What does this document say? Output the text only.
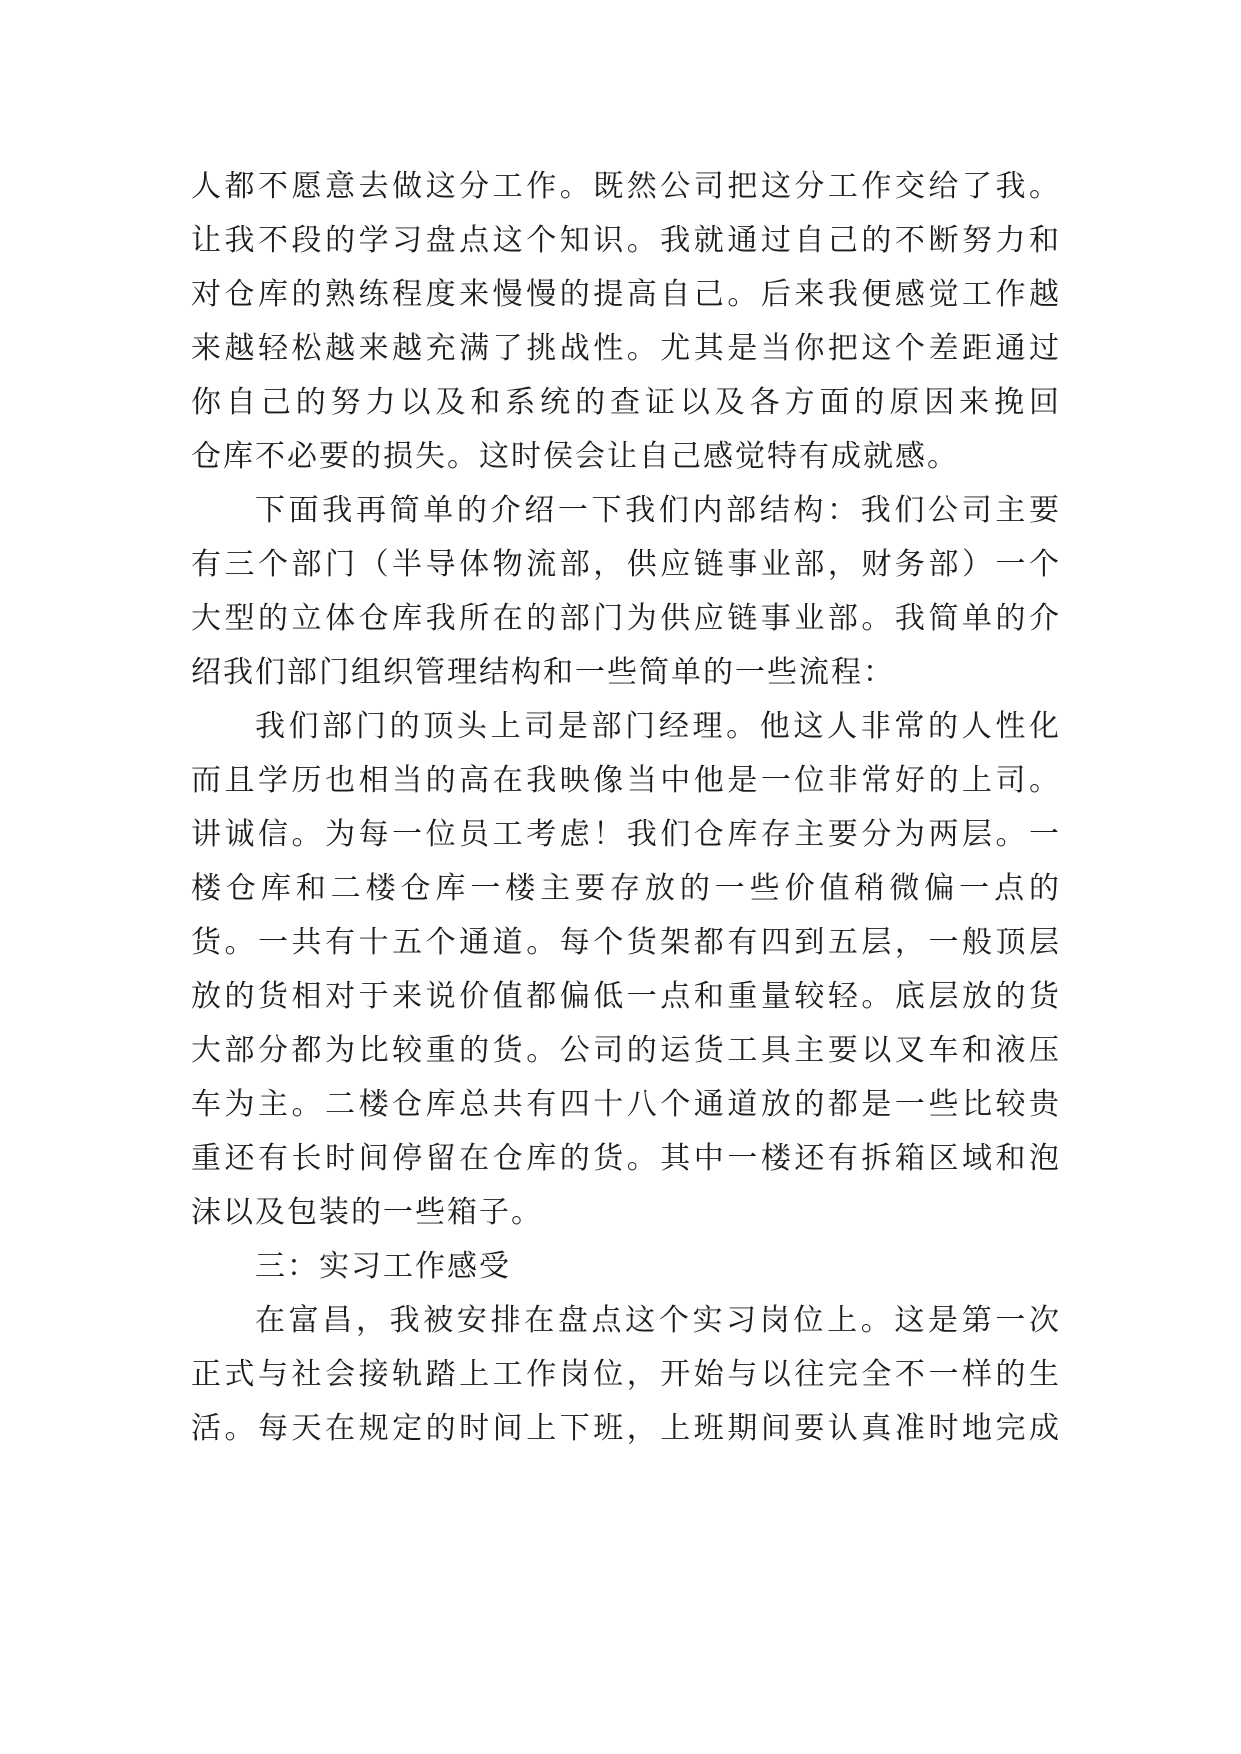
人都不愿意去做这分工作。既然公司把这分工作交给了我。
让我不段的学习盘点这个知识。我就通过自己的不断努力和
对仓库的熟练程度来慢慢的提高自己。后来我便感觉工作越
来越轻松越来越充满了挑战性。尤其是当你把这个差距通过
你自己的努力以及和系统的查证以及各方面的原因来挽回
仓库不必要的损失。这时侯会让自己感觉特有成就感。
下面我再简单的介绍一下我们内部结构：我们公司主要
有三个部门（半导体物流部，供应链事业部，财务部）一个
大型的立体仓库我所在的部门为供应链事业部。我简单的介
绍我们部门组织管理结构和一些简单的一些流程：
我们部门的顶头上司是部门经理。他这人非常的人性化
而且学历也相当的高在我映像当中他是一位非常好的上司。
讲诚信。为每一位员工考虑！我们仓库存主要分为两层。一
楼仓库和二楼仓库一楼主要存放的一些价值稍微偏一点的
货。一共有十五个通道。每个货架都有四到五层，一般顶层
放的货相对于来说价值都偏低一点和重量较轻。底层放的货
大部分都为比较重的货。公司的运货工具主要以叉车和液压
车为主。二楼仓库总共有四十八个通道放的都是一些比较贵
重还有长时间停留在仓库的货。其中一楼还有拆箱区域和泡
沫以及包装的一些箱子。
三：实习工作感受
在富昌，我被安排在盘点这个实习岗位上。这是第一次
正式与社会接轨踏上工作岗位，开始与以往完全不一样的生
活。每天在规定的时间上下班，上班期间要认真准时地完成
